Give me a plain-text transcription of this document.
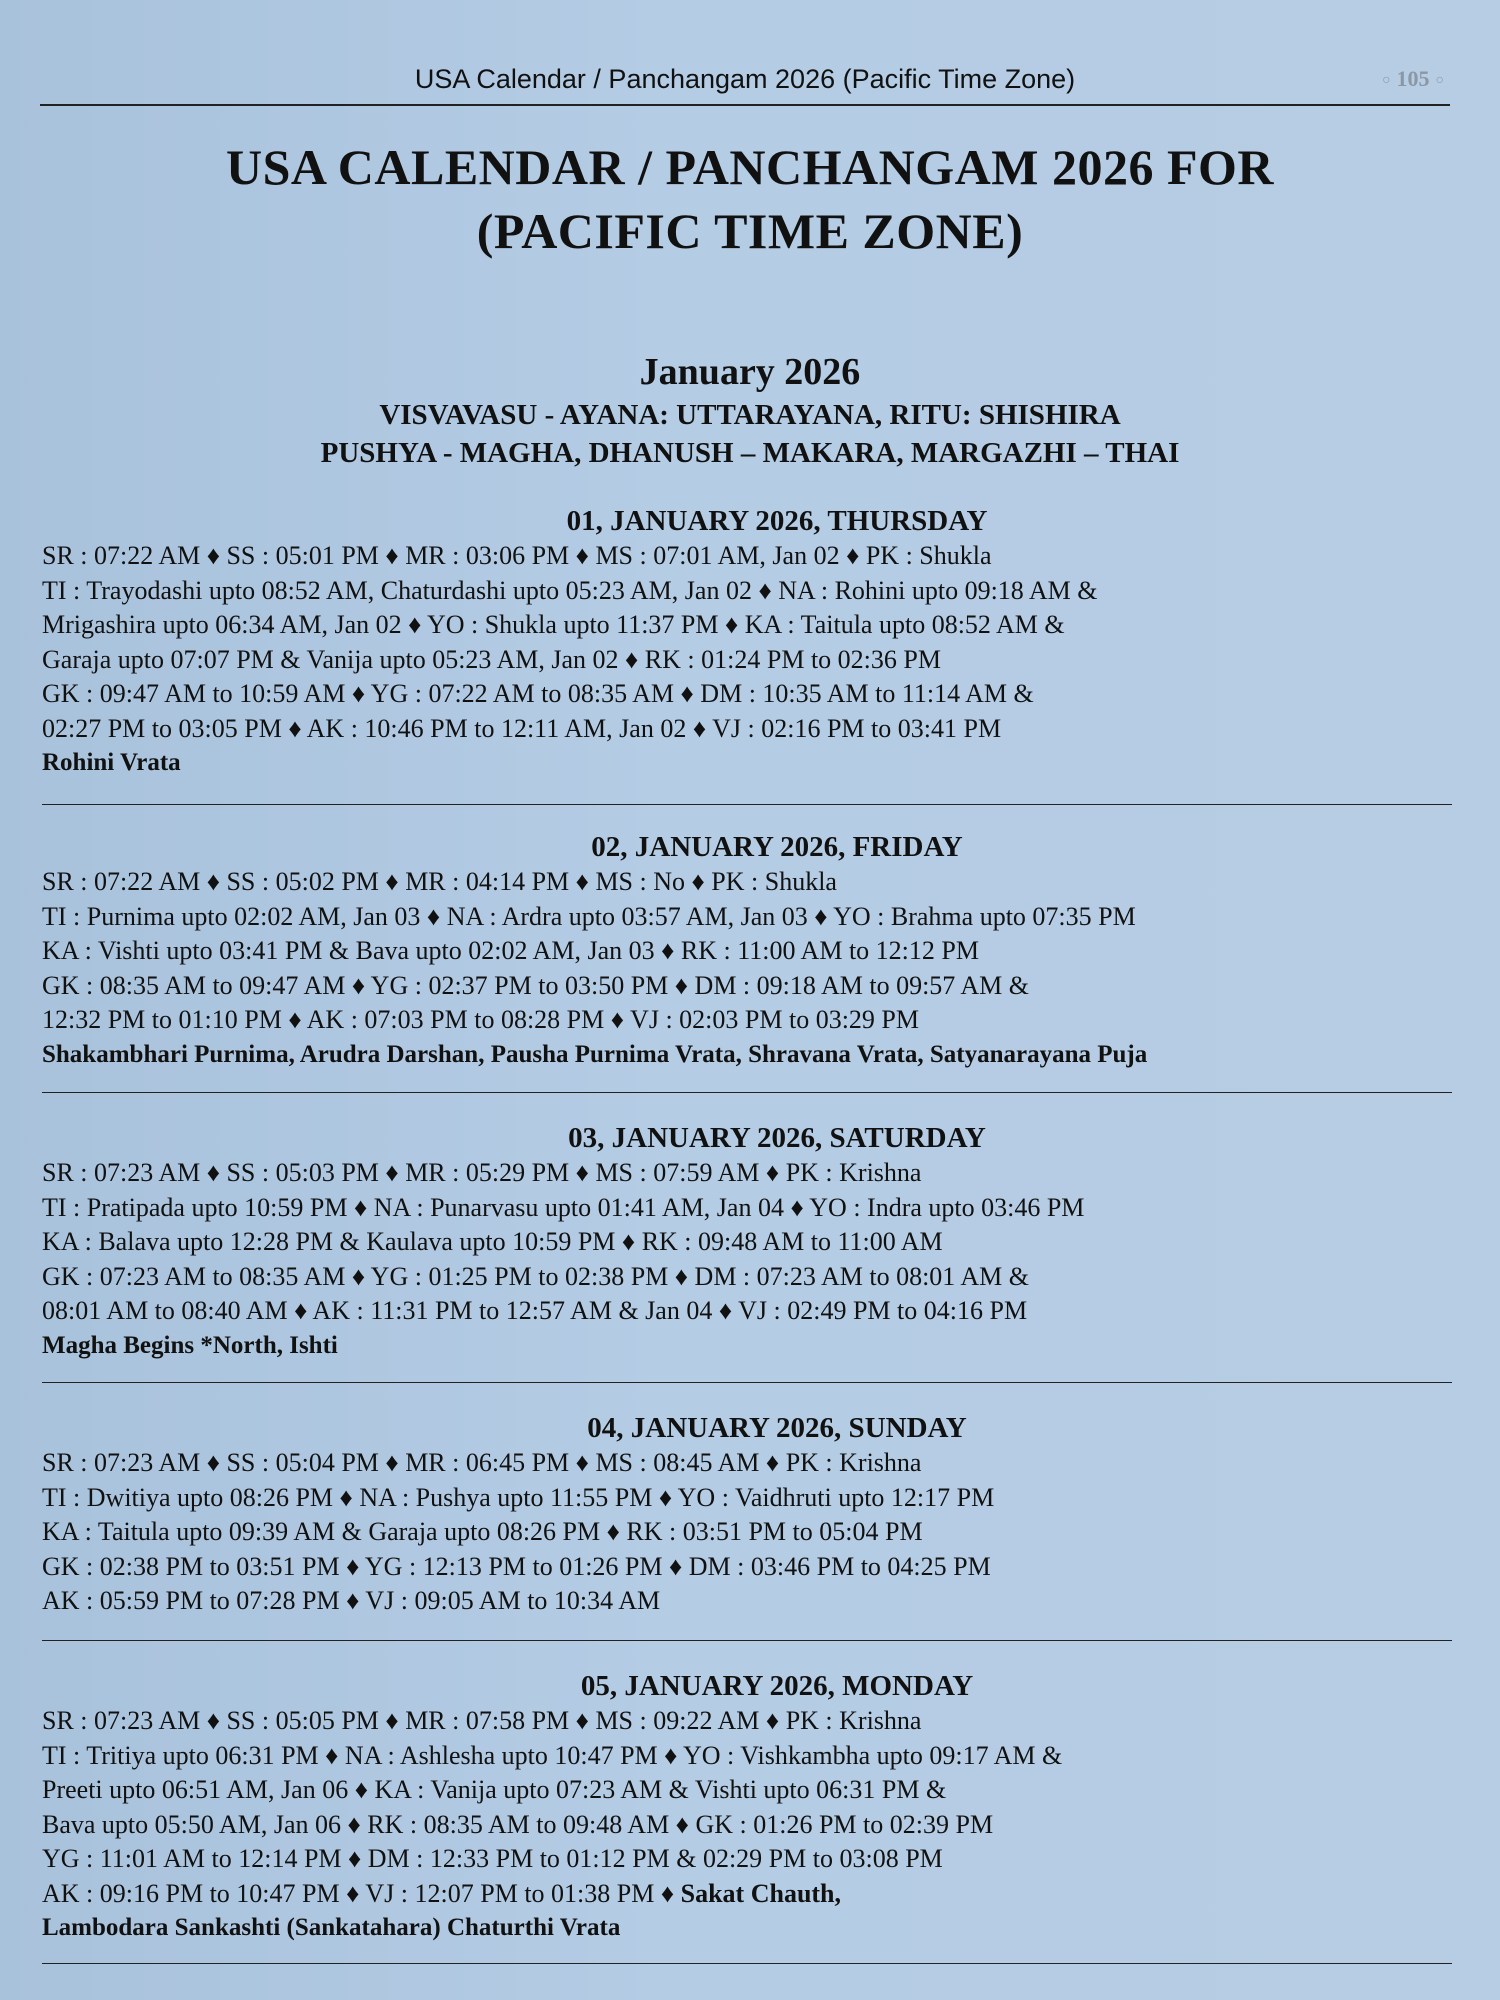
USA Calendar / Panchangam 2026 (Pacific Time Zone)
○	105 ○
USA CALENDAR / PANCHANGAM 2026 FOR
(PACIFIC TIME ZONE)
January 2026
VISVAVASU - AYANA: UTTARAYANA, RITU: SHISHIRA
PUSHYA - MAGHA, DHANUSH – MAKARA, MARGAZHI – THAI
01, JANUARY 2026, THURSDAY
SR : 07:22 AM ♦ SS : 05:01 PM ♦ MR : 03:06 PM ♦ MS : 07:01 AM, Jan 02 ♦ PK : Shukla
TI : Trayodashi upto 08:52 AM, Chaturdashi upto 05:23 AM, Jan 02 ♦ NA : Rohini upto 09:18 AM &
Mrigashira upto 06:34 AM, Jan 02 ♦ YO : Shukla upto 11:37 PM ♦ KA : Taitula upto 08:52 AM &
Garaja upto 07:07 PM & Vanija upto 05:23 AM, Jan 02 ♦ RK : 01:24 PM to 02:36 PM
GK : 09:47 AM to 10:59 AM ♦ YG : 07:22 AM to 08:35 AM ♦ DM : 10:35 AM to 11:14 AM &
02:27 PM to 03:05 PM ♦ AK : 10:46 PM to 12:11 AM, Jan 02 ♦ VJ : 02:16 PM to 03:41 PM
Rohini Vrata
02, JANUARY 2026, FRIDAY
SR : 07:22 AM ♦ SS : 05:02 PM ♦ MR : 04:14 PM ♦ MS : No ♦ PK : Shukla
TI : Purnima upto 02:02 AM, Jan 03 ♦ NA : Ardra upto 03:57 AM, Jan 03 ♦ YO : Brahma upto 07:35 PM
KA : Vishti upto 03:41 PM & Bava upto 02:02 AM, Jan 03 ♦ RK : 11:00 AM to 12:12 PM
GK : 08:35 AM to 09:47 AM ♦ YG : 02:37 PM to 03:50 PM ♦ DM : 09:18 AM to 09:57 AM &
12:32 PM to 01:10 PM ♦ AK : 07:03 PM to 08:28 PM ♦ VJ : 02:03 PM to 03:29 PM
Shakambhari Purnima, Arudra Darshan, Pausha Purnima Vrata, Shravana Vrata, Satyanarayana Puja
03, JANUARY 2026, SATURDAY
SR : 07:23 AM ♦ SS : 05:03 PM ♦ MR : 05:29 PM ♦ MS : 07:59 AM ♦ PK : Krishna
TI : Pratipada upto 10:59 PM ♦ NA : Punarvasu upto 01:41 AM, Jan 04 ♦ YO : Indra upto 03:46 PM
KA : Balava upto 12:28 PM & Kaulava upto 10:59 PM ♦ RK : 09:48 AM to 11:00 AM
GK : 07:23 AM to 08:35 AM ♦ YG : 01:25 PM to 02:38 PM ♦ DM : 07:23 AM to 08:01 AM &
08:01 AM to 08:40 AM ♦ AK : 11:31 PM to 12:57 AM & Jan 04 ♦ VJ : 02:49 PM to 04:16 PM
Magha Begins *North, Ishti
04, JANUARY 2026, SUNDAY
SR : 07:23 AM ♦ SS : 05:04 PM ♦ MR : 06:45 PM ♦ MS : 08:45 AM ♦ PK : Krishna
TI : Dwitiya upto 08:26 PM ♦ NA : Pushya upto 11:55 PM ♦ YO : Vaidhruti upto 12:17 PM
KA : Taitula upto 09:39 AM & Garaja upto 08:26 PM ♦ RK : 03:51 PM to 05:04 PM
GK : 02:38 PM to 03:51 PM ♦ YG : 12:13 PM to 01:26 PM ♦ DM : 03:46 PM to 04:25 PM
AK : 05:59 PM to 07:28 PM ♦ VJ : 09:05 AM to 10:34 AM
05, JANUARY 2026, MONDAY
SR : 07:23 AM ♦ SS : 05:05 PM ♦ MR : 07:58 PM ♦ MS : 09:22 AM ♦ PK : Krishna
TI : Tritiya upto 06:31 PM ♦ NA : Ashlesha upto 10:47 PM ♦ YO : Vishkambha upto 09:17 AM &
Preeti upto 06:51 AM, Jan 06 ♦ KA : Vanija upto 07:23 AM & Vishti upto 06:31 PM &
Bava upto 05:50 AM, Jan 06 ♦ RK : 08:35 AM to 09:48 AM ♦ GK : 01:26 PM to 02:39 PM
YG : 11:01 AM to 12:14 PM ♦ DM : 12:33 PM to 01:12 PM & 02:29 PM to 03:08 PM
AK : 09:16 PM to 10:47 PM ♦ VJ : 12:07 PM to 01:38 PM ♦ Sakat Chauth,
Lambodara Sankashti (Sankatahara) Chaturthi Vrata
